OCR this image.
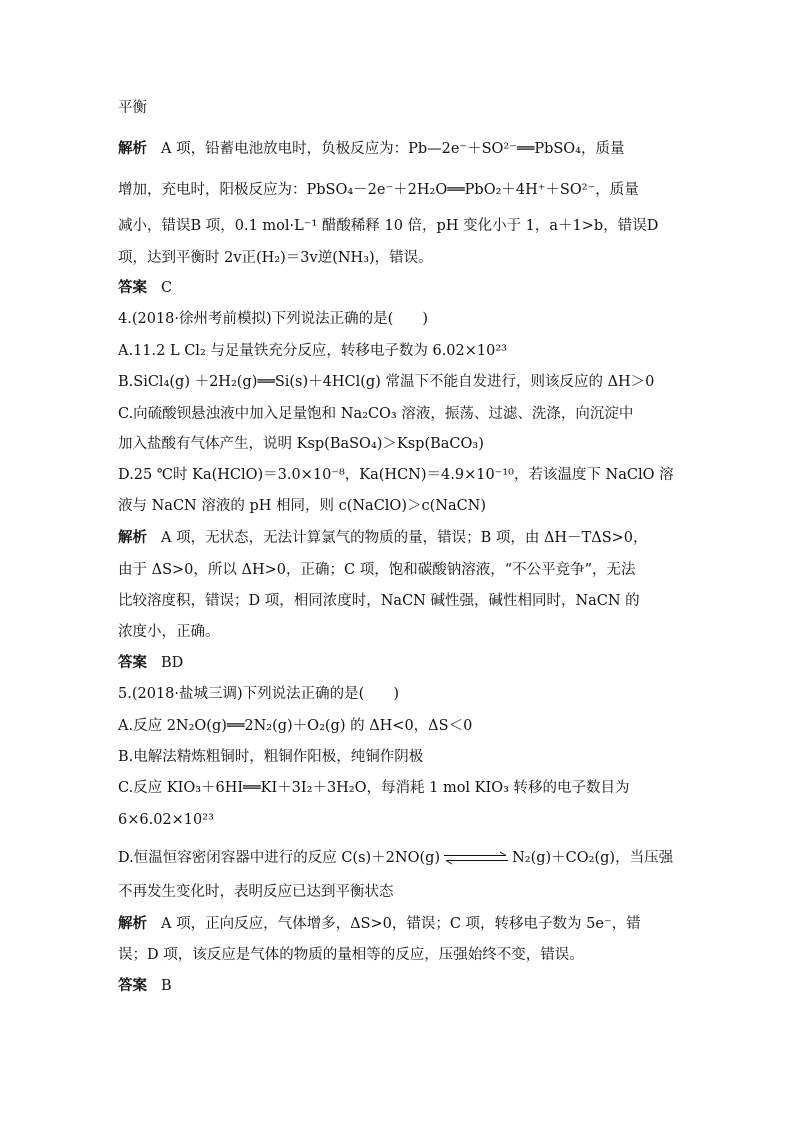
平衡
解析 A 项，铅蓄电池放电时，负极反应为：Pb—2e⁻＋SO²⁻══PbSO₄，质量
增加，充电时，阳极反应为：PbSO₄－2e⁻＋2H₂O══PbO₂＋4H⁺＋SO²⁻，质量
减小，错误B 项，0.1 mol·L⁻¹ 醋酸稀释 10 倍，pH 变化小于 1，a＋1>b，错误D
项，达到平衡时 2v正(H₂)＝3v逆(NH₃)，错误。
答案 C
4.(2018·徐州考前模拟)下列说法正确的是(　　)
A.11.2 L Cl₂ 与足量铁充分反应，转移电子数为 6.02×10²³
B.SiCl₄(g) ＋2H₂(g)══Si(s)＋4HCl(g) 常温下不能自发进行，则该反应的 ΔH＞0
C.向硫酸钡悬浊液中加入足量饱和 Na₂CO₃ 溶液，振荡、过滤、洗涤，向沉淀中
加入盐酸有气体产生，说明 Ksp(BaSO₄)＞Ksp(BaCO₃)
D.25 ℃时 Ka(HClO)＝3.0×10⁻⁸，Ka(HCN)＝4.9×10⁻¹⁰，若该温度下 NaClO 溶
液与 NaCN 溶液的 pH 相同，则 c(NaClO)＞c(NaCN)
解析 A 项，无状态，无法计算氯气的物质的量，错误；B 项，由 ΔH－TΔS>0，
由于 ΔS>0，所以 ΔH>0，正确；C 项，饱和碳酸钠溶液，“不公平竞争”，无法
比较溶度积，错误；D 项，相同浓度时，NaCN 碱性强，碱性相同时，NaCN 的
浓度小，正确。
答案 BD
5.(2018·盐城三调)下列说法正确的是(　　)
A.反应 2N₂O(g)══2N₂(g)＋O₂(g) 的 ΔH<0，ΔS＜0
B.电解法精炼粗铜时，粗铜作阳极，纯铜作阴极
C.反应 KIO₃＋6HI══KI＋3I₂＋3H₂O，每消耗 1 mol KIO₃ 转移的电子数目为
6×6.02×10²³
D.恒温恒容密闭容器中进行的反应 C(s)＋2NO(g)	N₂(g)＋CO₂(g)，当压强
不再发生变化时，表明反应已达到平衡状态
解析 A 项，正向反应，气体增多，ΔS>0，错误；C 项，转移电子数为 5e⁻，错
误；D 项，该反应是气体的物质的量相等的反应，压强始终不变，错误。
答案 B
